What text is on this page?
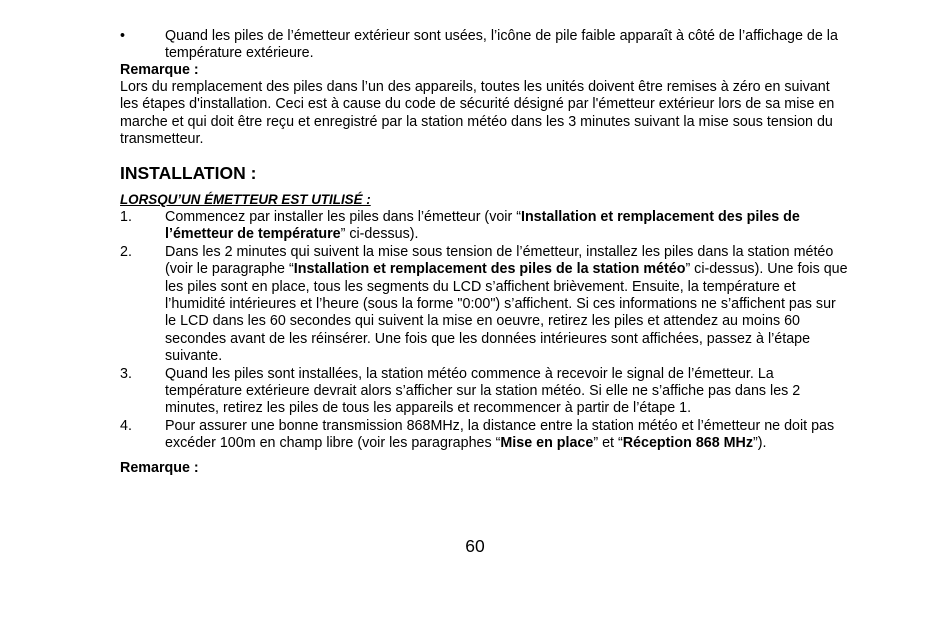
•	Quand les piles de l’émetteur extérieur sont usées, l’icône de pile faible apparaît à côté de l’affichage de la température extérieure.
Remarque :
Lors du remplacement des piles dans l’un des appareils, toutes les unités doivent être remises à zéro en suivant les étapes d'installation. Ceci est à cause du code de sécurité désigné par l'émetteur extérieur lors de sa mise en marche et qui doit être reçu et enregistré par la station météo dans les 3 minutes suivant la mise sous tension du transmetteur.
INSTALLATION :
LORSQU’UN ÉMETTEUR EST UTILISÉ :
1. Commencez par installer les piles dans l’émetteur (voir “Installation et remplacement des piles de l’émetteur de température” ci-dessus).
2. Dans les 2 minutes qui suivent la mise sous tension de l’émetteur, installez les piles dans la station météo (voir le paragraphe “Installation et remplacement des piles de la station météo” ci-dessus). Une fois que les piles sont en place, tous les segments du LCD s’affichent brièvement. Ensuite, la température et l’humidité intérieures et l’heure (sous la forme "0:00") s’affichent. Si ces informations ne s’affichent pas sur le LCD dans les 60 secondes qui suivent la mise en oeuvre, retirez les piles et attendez au moins 60 secondes avant de les réinsérer. Une fois que les données intérieures sont affichées, passez à l’étape suivante.
3. Quand les piles sont installées, la station météo commence à recevoir le signal de l’émetteur. La température extérieure devrait alors s’afficher sur la station météo. Si elle ne s’affiche pas dans les 2 minutes, retirez les piles de tous les appareils et recommencer à partir de l’étape 1.
4. Pour assurer une bonne transmission 868MHz, la distance entre la station météo et l’émetteur ne doit pas excéder 100m en champ libre (voir les paragraphes “Mise en place” et “Réception 868 MHz”).
Remarque :
60
